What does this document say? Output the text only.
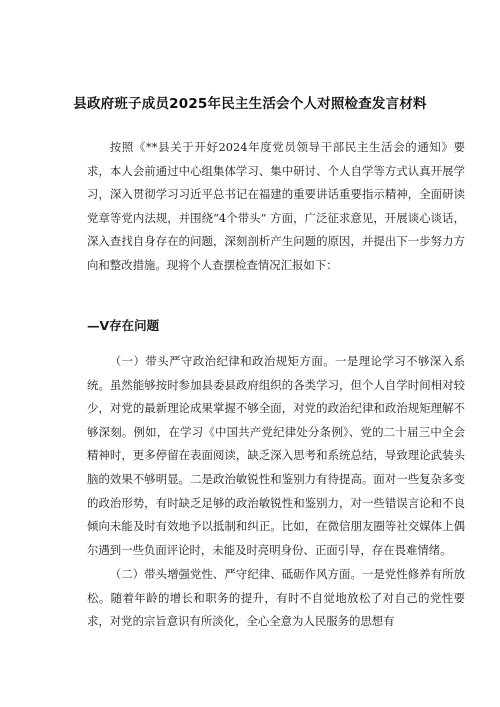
县政府班子成员2025年民主生活会个人对照检查发言材料

按照《**县关于开好2024年度党员领导干部民主生活会的通知》要求，本人会前通过中心组集体学习、集中研讨、个人自学等方式认真开展学习，深入贯彻学习习近平总书记在福建的重要讲话重要指示精神，全面研读党章等党内法规，并围绕“4个带头” 方面，广泛征求意见，开展谈心谈话，深入查找自身存在的问题，深刻剖析产生问题的原因，并提出下一步努力方向和整改措施。现将个人查摆检查情况汇报如下：

—V存在问题

（一）带头严守政治纪律和政治规矩方面。一是理论学习不够深入系统。虽然能够按时参加县委县政府组织的各类学习，但个人自学时间相对较少，对党的最新理论成果掌握不够全面，对党的政治纪律和政治规矩理解不够深刻。例如，在学习《中国共产党纪律处分条例》、党的二十届三中全会精神时，更多停留在表面阅读，缺乏深入思考和系统总结，导致理论武装头脑的效果不够明显。二是政治敏锐性和鉴别力有待提高。面对一些复杂多变的政治形势，有时缺乏足够的政治敏锐性和鉴别力，对一些错误言论和不良倾向未能及时有效地予以抵制和纠正。比如，在微信朋友圈等社交媒体上偶尔遇到一些负面评论时，未能及时亮明身份、正面引导，存在畏难情绪。

（二）带头增强党性、严守纪律、砥砺作风方面。一是党性修养有所放松。随着年龄的增长和职务的提升，有时不自觉地放松了对自己的党性要求，对党的宗旨意识有所淡化，全心全意为人民服务的思想有
